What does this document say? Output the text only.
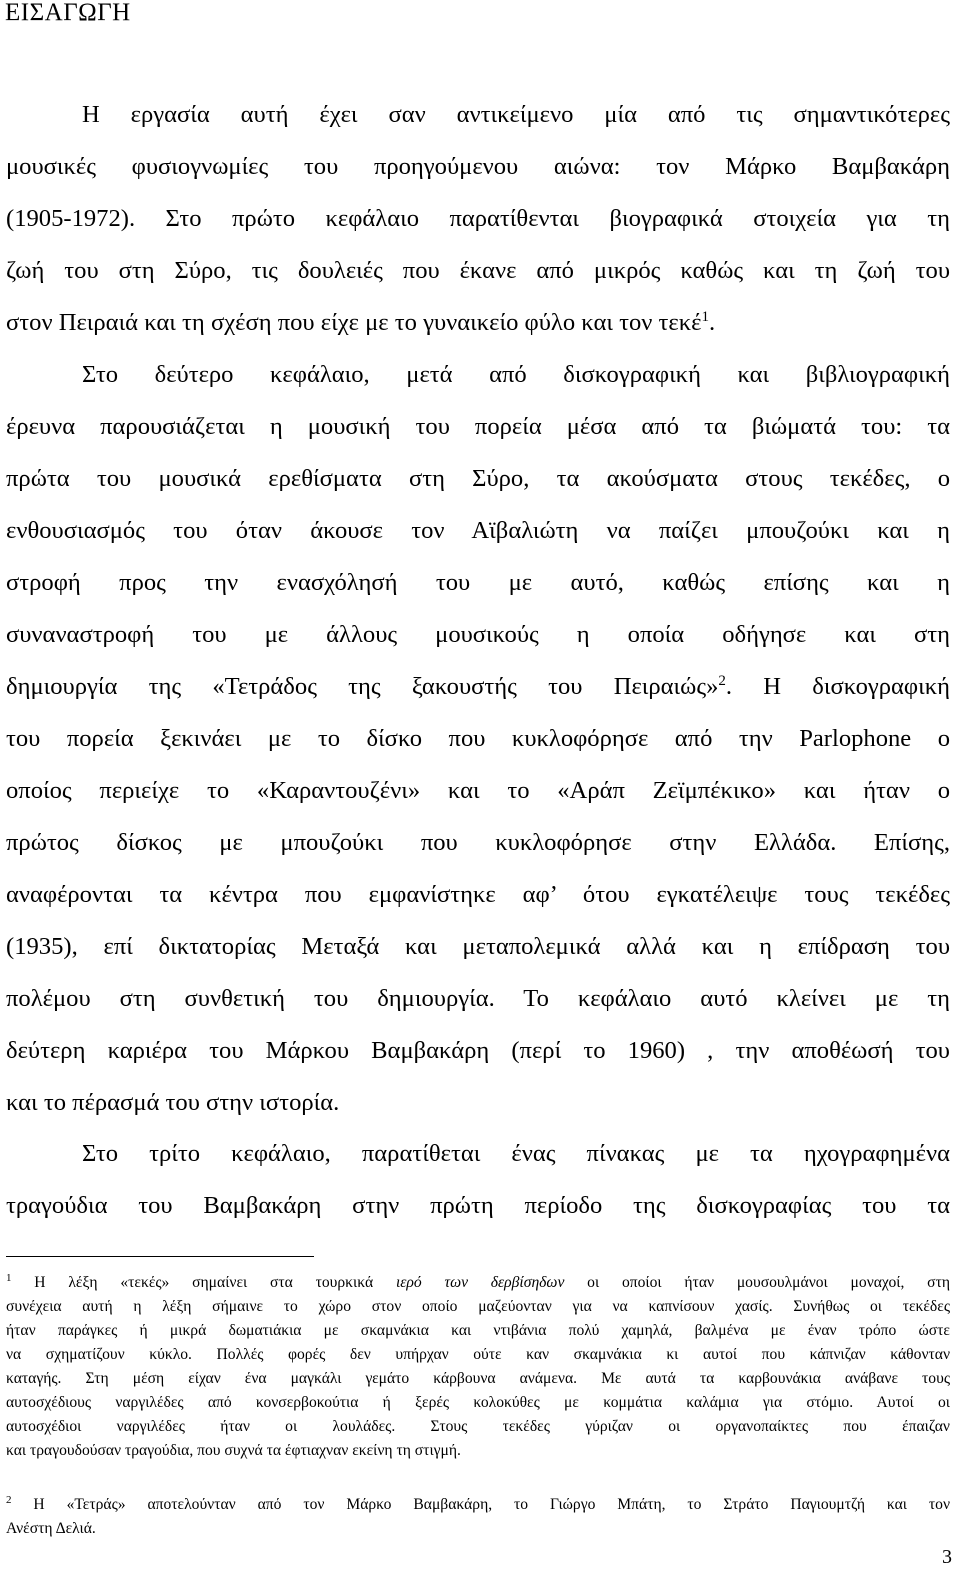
ΕΙΣΑΓΩΓΗ
Η εργασία αυτή έχει σαν αντικείμενο μία από τις σημαντικότερες
μουσικές φυσιογνωμίες του προηγούμενου αιώνα: τον Μάρκο Βαμβακάρη
(1905-1972). Στο πρώτο κεφάλαιο παρατίθενται βιογραφικά στοιχεία για τη
ζωή του στη Σύρο, τις δουλειές που έκανε από μικρός καθώς και τη ζωή του
στον Πειραιά και τη σχέση που είχε με το γυναικείο φύλο και τον τεκέ$^1$.
Στο δεύτερο κεφάλαιο, μετά από δισκογραφική και βιβλιογραφική
έρευνα παρουσιάζεται η μουσική του πορεία μέσα από τα βιώματά του: τα
πρώτα του μουσικά ερεθίσματα στη Σύρο, τα ακούσματα στους τεκέδες, ο
ενθουσιασμός του όταν άκουσε τον Αϊβαλιώτη να παίζει μπουζούκι και η
στροφή προς την ενασχόλησή του με αυτό, καθώς επίσης και η
συναναστροφή του με άλλους μουσικούς η οποία οδήγησε και στη
δημιουργία της «Τετράδος της ξακουστής του Πειραιώς»$^2$. Η δισκογραφική
του πορεία ξεκινάει με το δίσκο που κυκλοφόρησε από την Parlophone ο
οποίος περιείχε το «Καραντουζένι» και το «Αράπ Ζεϊμπέκικο» και ήταν ο
πρώτος δίσκος με μπουζούκι που κυκλοφόρησε στην Ελλάδα. Επίσης,
αναφέρονται τα κέντρα που εμφανίστηκε αφ’ ότου εγκατέλειψε τους τεκέδες
(1935), επί δικτατορίας Μεταξά και μεταπολεμικά αλλά και η επίδραση του
πολέμου στη συνθετική του δημιουργία. Το κεφάλαιο αυτό κλείνει με τη
δεύτερη καριέρα του Μάρκου Βαμβακάρη (περί το 1960) , την αποθέωσή του
και το πέρασμά του στην ιστορία.
Στο τρίτο κεφάλαιο, παρατίθεται ένας πίνακας με τα ηχογραφημένα
τραγούδια του Βαμβακάρη στην πρώτη περίοδο της δισκογραφίας του τα
$^1$ Η λέξη «τεκές» σημαίνει στα τουρκικά ιερό των δερβίσηδων οι οποίοι ήταν μουσουλμάνοι μοναχοί, στη
συνέχεια αυτή η λέξη σήμαινε το χώρο στον οποίο μαζεύονταν για να καπνίσουν χασίς. Συνήθως οι τεκέδες
ήταν παράγκες ή μικρά δωματιάκια με σκαμνάκια και ντιβάνια πολύ χαμηλά, βαλμένα με έναν τρόπο ώστε
να σχηματίζουν κύκλο. Πολλές φορές δεν υπήρχαν ούτε καν σκαμνάκια κι αυτοί που κάπνιζαν κάθονταν
καταγής. Στη μέση είχαν ένα μαγκάλι γεμάτο κάρβουνα ανάμενα. Με αυτά τα καρβουνάκια ανάβανε τους
αυτοσχέδιους ναργιλέδες από κονσερβοκούτια ή ξερές κολοκύθες με κομμάτια καλάμια για στόμιο. Αυτοί οι
αυτοσχέδιοι ναργιλέδες ήταν οι λουλάδες. Στους τεκέδες γύριζαν οι οργανοπαίκτες που έπαιζαν
και τραγουδούσαν τραγούδια, που συχνά τα έφτιαχναν εκείνη τη στιγμή.
$^2$ Η «Τετράς» αποτελούνταν από τον Μάρκο Βαμβακάρη, το Γιώργο Μπάτη, το Στράτο Παγιουμτζή και τον
Ανέστη Δελιά.
3
